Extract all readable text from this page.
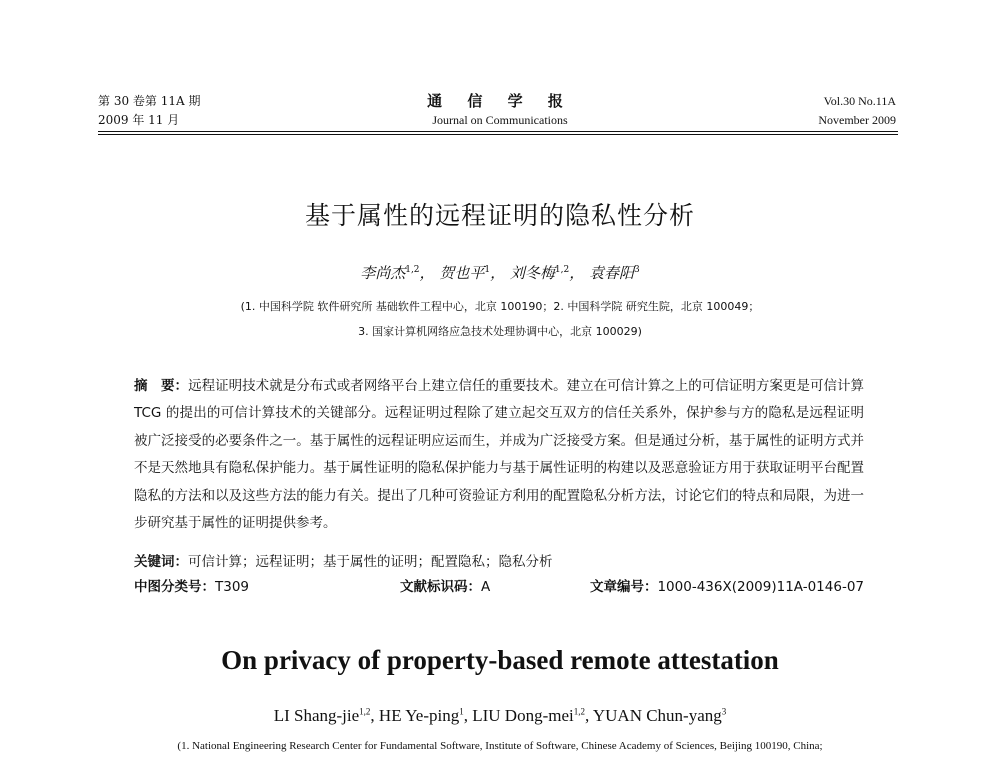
第 30 卷第 11A 期
2009 年 11 月
通 信 学 报
Journal on Communications
Vol.30 No.11A
November 2009
基于属性的远程证明的隐私性分析
李尚杰$^{1,2}$， 贺也平$^1$， 刘冬梅$^{1,2}$， 袁春阳$^3$
(1. 中国科学院 软件研究所 基础软件工程中心，北京 100190；2. 中国科学院 研究生院，北京 100049；
3. 国家计算机网络应急技术处理协调中心，北京 100029)
摘　要：远程证明技术就是分布式或者网络平台上建立信任的重要技术。建立在可信计算之上的可信证明方案更是可信计算 TCG 的提出的可信计算技术的关键部分。远程证明过程除了建立起交互双方的信任关系外，保护参与方的隐私是远程证明被广泛接受的必要条件之一。基于属性的远程证明应运而生，并成为广泛接受方案。但是通过分析，基于属性的证明方式并不是天然地具有隐私保护能力。基于属性证明的隐私保护能力与基于属性证明的构建以及恶意验证方用于获取证明平台配置隐私的方法和以及这些方法的能力有关。提出了几种可资验证方利用的配置隐私分析方法，讨论它们的特点和局限，为进一步研究基于属性的证明提供参考。
关键词：可信计算；远程证明；基于属性的证明；配置隐私；隐私分析
中图分类号：T309	文献标识码：A	文章编号：1000-436X(2009)11A-0146-07
On privacy of property-based remote attestation
LI Shang-jie$^{1,2}$, HE Ye-ping$^1$, LIU Dong-mei$^{1,2}$, YUAN Chun-yang$^3$
(1. National Engineering Research Center for Fundamental Software, Institute of Software, Chinese Academy of Sciences, Beijing 100190, China;
